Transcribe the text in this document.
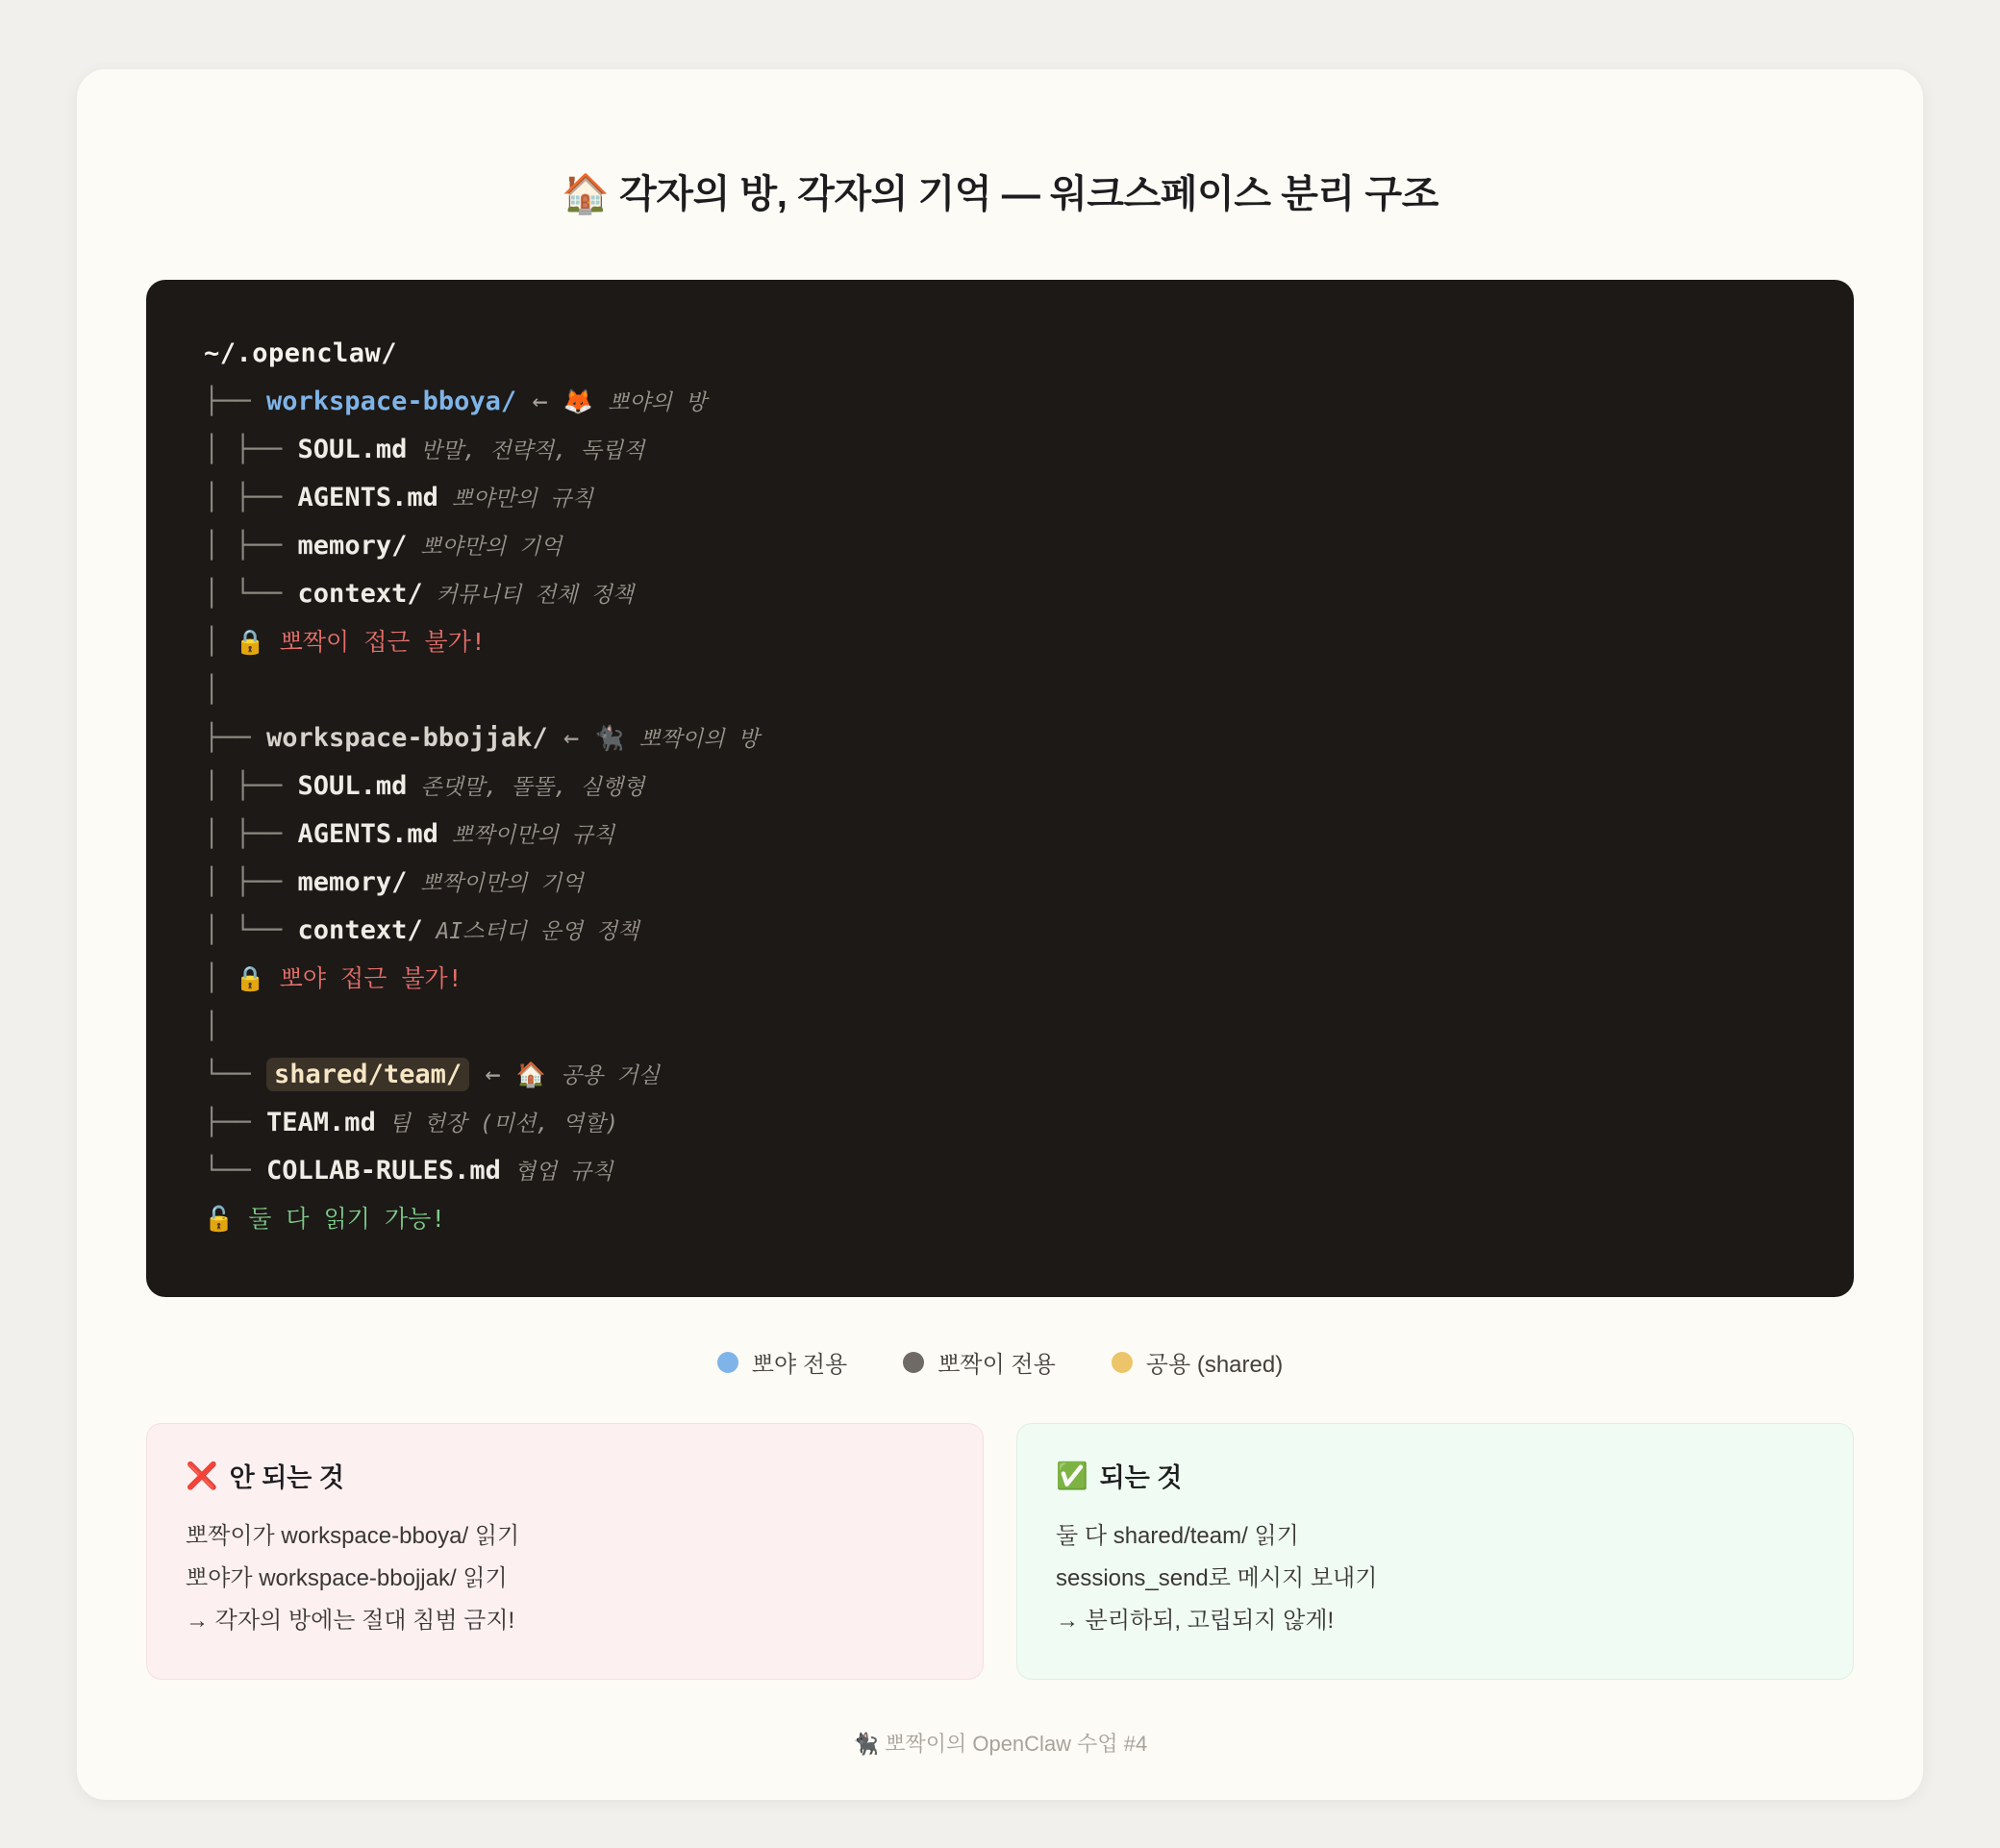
🏠 각자의 방, 각자의 기억 — 워크스페이스 분리 구조
~/.openclaw/
├── workspace-bboya/ ← 🦊 뽀야의 방
│ ├── SOUL.md 반말, 전략적, 독립적
│ ├── AGENTS.md 뽀야만의 규칙
│ ├── memory/ 뽀야만의 기억
│ └── context/ 커뮤니티 전체 정책
│ 🔒 뽀짝이 접근 불가!
│
├── workspace-bbojjak/ ← 🐈‍⬛ 뽀짝이의 방
│ ├── SOUL.md 존댓말, 똘똘, 실행형
│ ├── AGENTS.md 뽀짝이만의 규칙
│ ├── memory/ 뽀짝이만의 기억
│ └── context/ AI스터디 운영 정책
│ 🔒 뽀야 접근 불가!
│
└── shared/team/ ← 🏠 공용 거실
├── TEAM.md 팀 헌장 (미션, 역할)
└── COLLAB-RULES.md 협업 규칙
🔓 둘 다 읽기 가능!
뽀야 전용	뽀짝이 전용	공용 (shared)
❌ 안 되는 것
뽀짝이가 workspace-bboya/ 읽기
뽀야가 workspace-bbojjak/ 읽기
→ 각자의 방에는 절대 침범 금지!
✅ 되는 것
둘 다 shared/team/ 읽기
sessions_send로 메시지 보내기
→ 분리하되, 고립되지 않게!
🐈‍⬛ 뽀짝이의 OpenClaw 수업 #4
